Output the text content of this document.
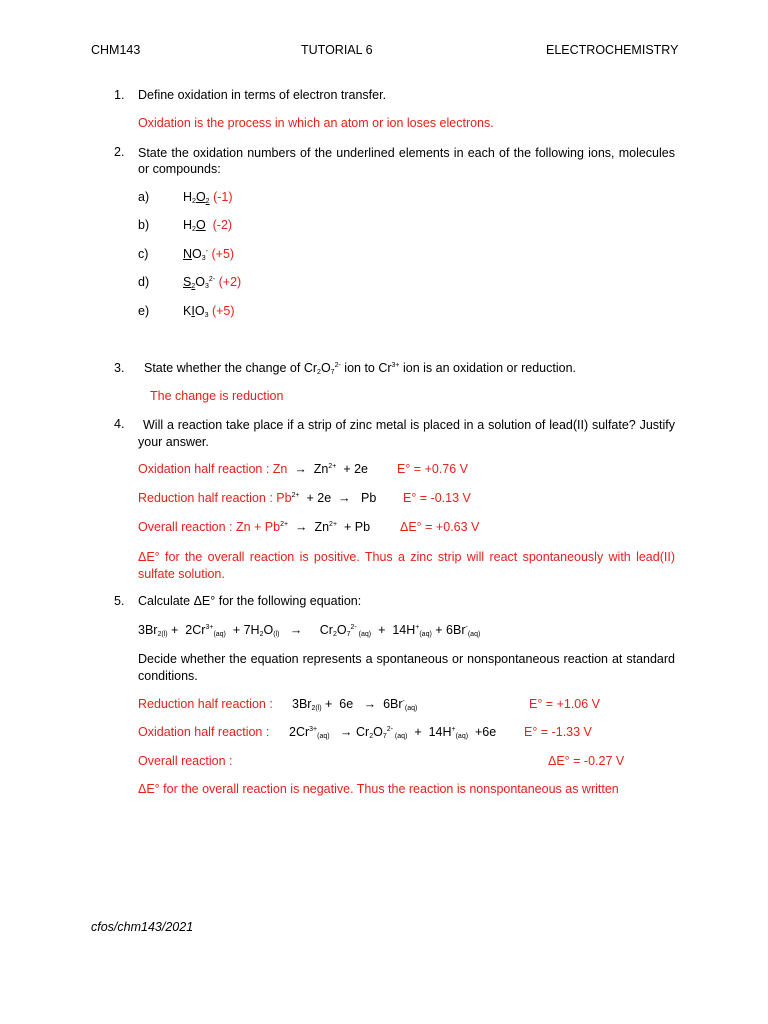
CHM143	TUTORIAL 6	ELECTROCHEMISTRY
1. Define oxidation in terms of electron transfer.
Oxidation is the process in which an atom or ion loses electrons.
2. State the oxidation numbers of the underlined elements in each of the following ions, molecules or compounds:
a)	$H_2O_2$ (-1)
b)	$H_2O$ (-2)
c)	$NO_3^-$ (+5)
d)	$S_2O_3^{2-}$ (+2)
e)	$KIO_3$ (+5)
3. State whether the change of $Cr_2O_7^{2-}$ ion to $Cr^{3+}$ ion is an oxidation or reduction.
The change is reduction
4.	Will a reaction take place if a strip of zinc metal is placed in a solution of lead(II) sulfate? Justify your answer.
Oxidation half reaction : $Zn \to Zn^{2+} + 2e$ E° = +0.76 V
Reduction half reaction : $Pb^{2+} + 2e \to Pb$ E° = -0.13 V
Overall reaction : $Zn + Pb^{2+} \to Zn^{2+} + Pb$ ΔE° = +0.63 V
ΔE° for the overall reaction is positive. Thus a zinc strip will react spontaneously with lead(II) sulfate solution.
5. Calculate ΔE° for the following equation:
$3Br_{2(l)} + 2Cr^{3+}_{(aq)} + 7H_2O_{(l)}$   →     $Cr_2O_7^{2-}$ $_{(aq)} + 14H^+_{(aq)} + 6Br^-_{(aq)}$
Decide whether the equation represents a spontaneous or nonspontaneous reaction at standard conditions.
Reduction half reaction : $3Br_{2(l)} + 6e \to 6Br^-_{(aq)}$	E° = +1.06 V
Oxidation half reaction : $2Cr^{3+}_{(aq)} \to Cr_2O_7^{2-}$ $_{(aq)} + 14H^+_{(aq)} +6e$ E° = -1.33 V
Overall reaction :	ΔE° = -0.27 V
ΔE° for the overall reaction is negative. Thus the reaction is nonspontaneous as written
cfos/chm143/2021
